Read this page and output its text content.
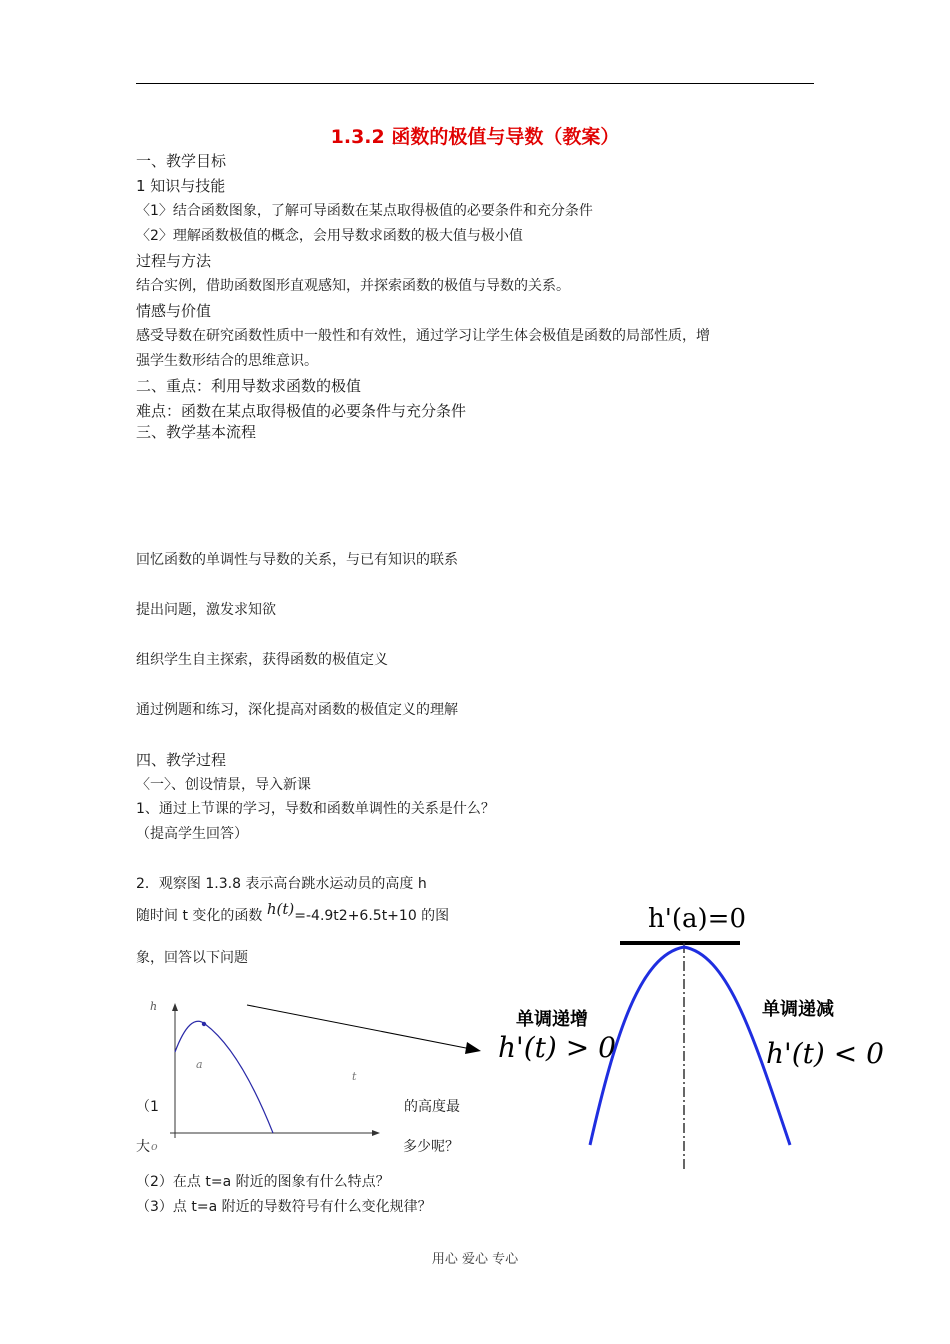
1.3.2 函数的极值与导数（教案）
一、教学目标
1 知识与技能
〈1〉结合函数图象，了解可导函数在某点取得极值的必要条件和充分条件
〈2〉理解函数极值的概念，会用导数求函数的极大值与极小值
过程与方法
结合实例，借助函数图形直观感知，并探索函数的极值与导数的关系。
情感与价值
感受导数在研究函数性质中一般性和有效性，通过学习让学生体会极值是函数的局部性质，增
强学生数形结合的思维意识。
二、重点：利用导数求函数的极值
难点：函数在某点取得极值的必要条件与充分条件
三、教学基本流程
回忆函数的单调性与导数的关系，与已有知识的联系
提出问题，激发求知欲
组织学生自主探索，获得函数的极值定义
通过例题和练习，深化提高对函数的极值定义的理解
四、教学过程
〈一〉、创设情景，导入新课
1、通过上节课的学习，导数和函数单调性的关系是什么？
（提高学生回答）
2．观察图 1.3.8 表示高台跳水运动员的高度 h
随时间 t 变化的函数 h(t)=-4.9t2+6.5t+10 的图
象，回答以下问题
h
a
t
o
（1	的高度最
大	多少呢？
（2）在点 t=a 附近的图象有什么特点？
（3）点 t=a 附近的导数符号有什么变化规律？
h'(a)=0
单调递增	单调递减
h'(t) > 0	h'(t) < 0
用心 爱心 专心
